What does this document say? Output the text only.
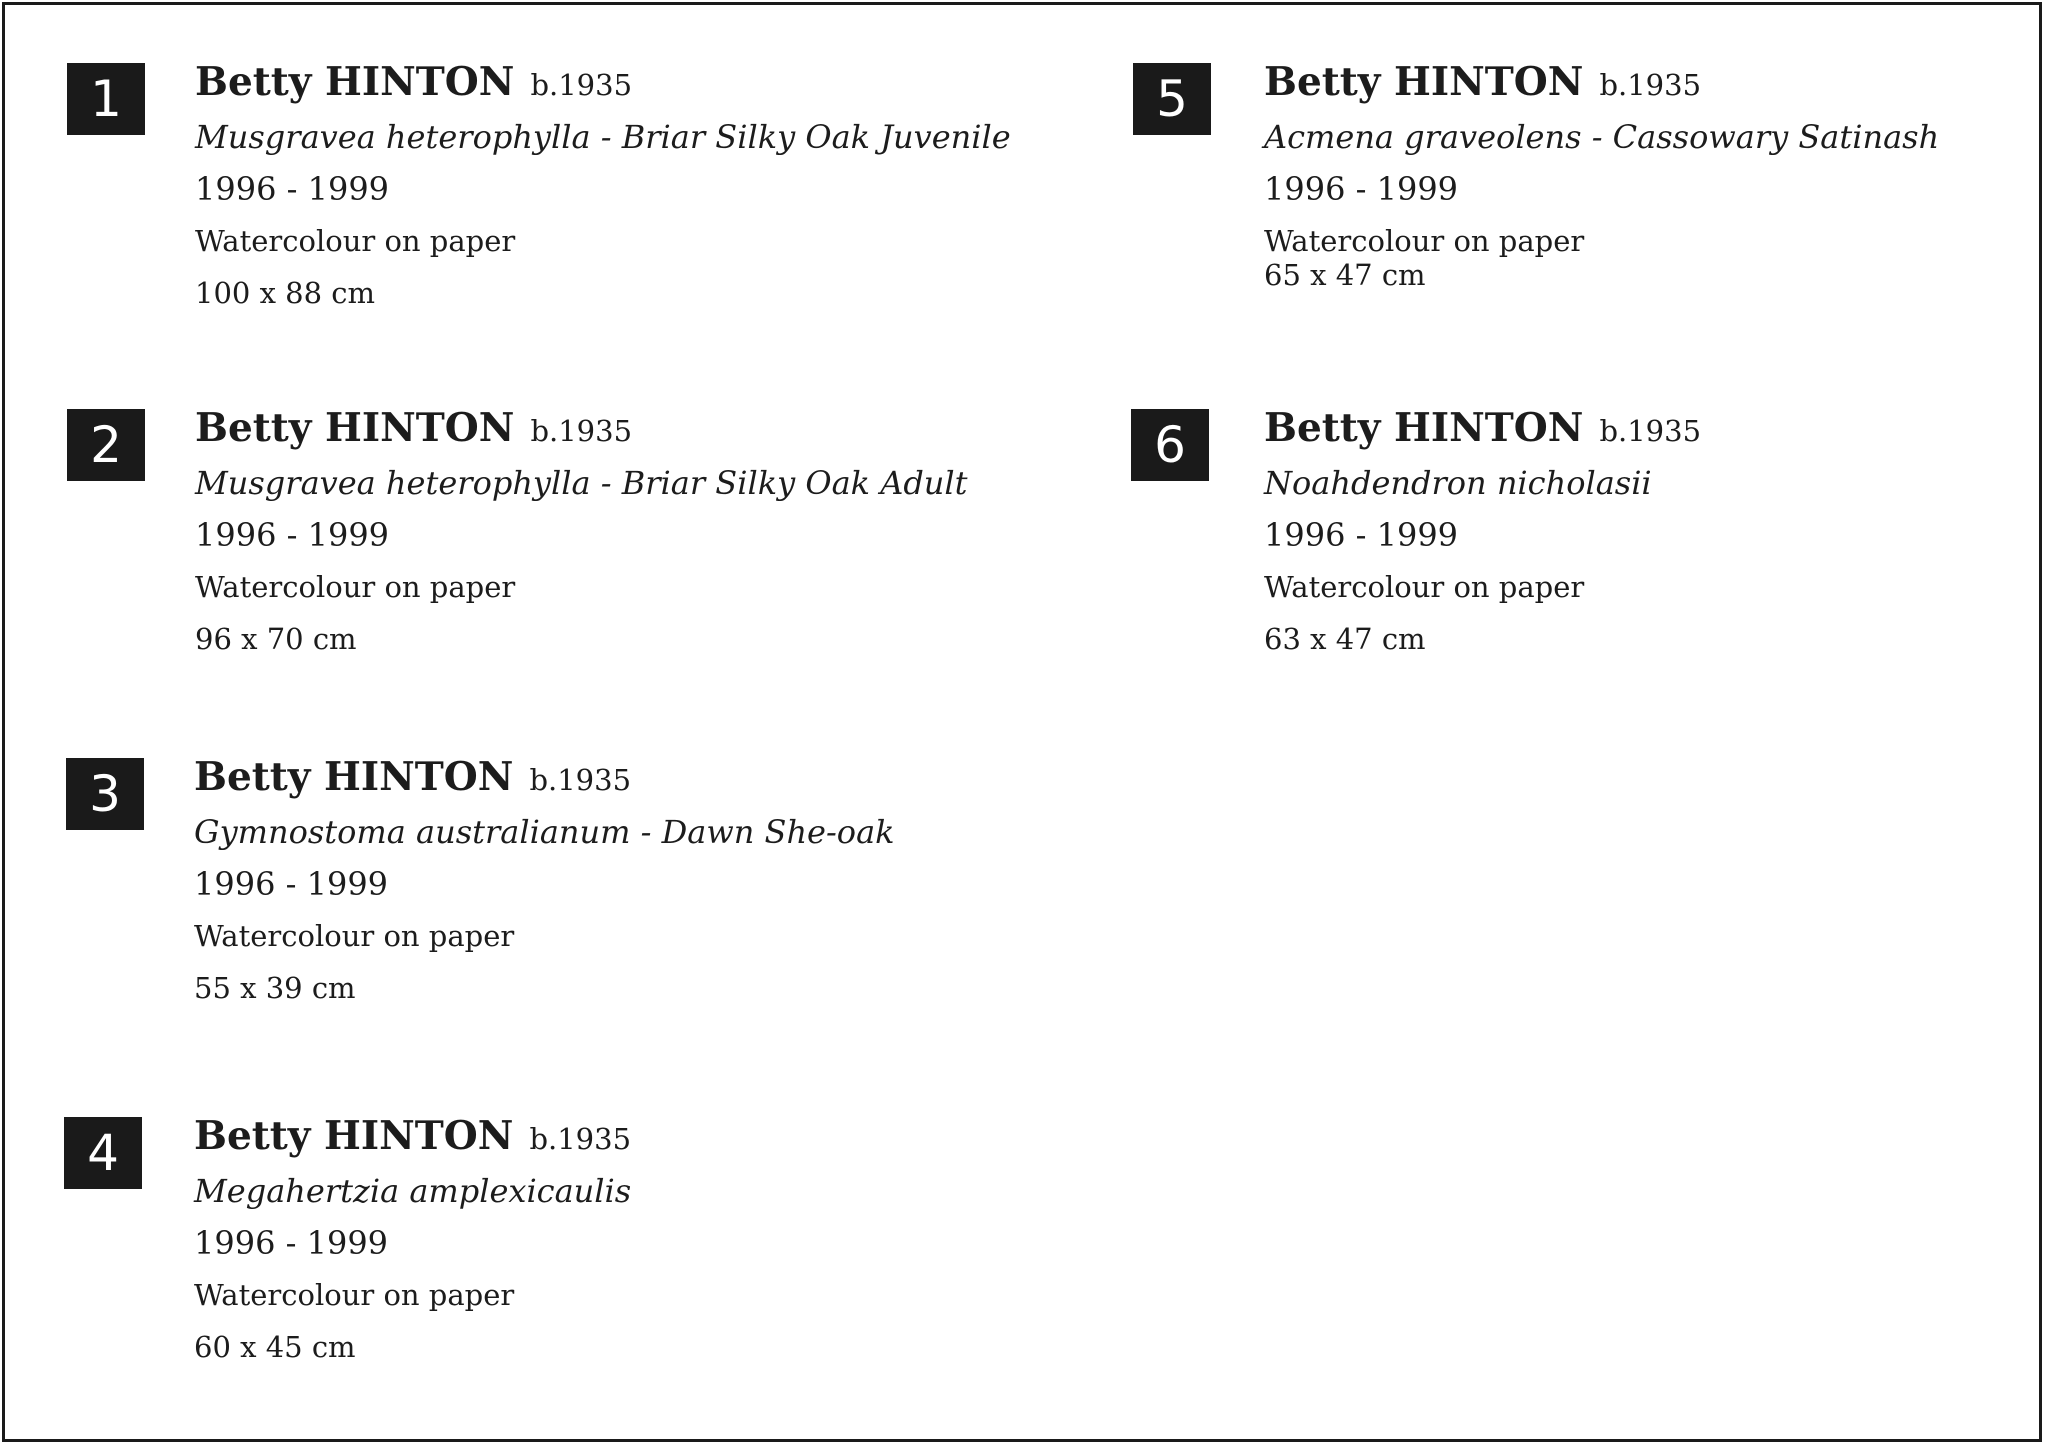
1	Betty HINTON b.1935
Musgravea heterophylla - Briar Silky Oak Juvenile
1996 - 1999
Watercolour on paper
100 x 88 cm
2	Betty HINTON b.1935
Musgravea heterophylla - Briar Silky Oak Adult
1996 - 1999
Watercolour on paper
96 x 70 cm
3	Betty HINTON b.1935
Gymnostoma australianum - Dawn She-oak
1996 - 1999
Watercolour on paper
55 x 39 cm
4	Betty HINTON b.1935
Megahertzia amplexicaulis
1996 - 1999
Watercolour on paper
60 x 45 cm
5	Betty HINTON b.1935
Acmena graveolens - Cassowary Satinash
1996 - 1999
Watercolour on paper
65 x 47 cm
6	Betty HINTON b.1935
Noahdendron nicholasii
1996 - 1999
Watercolour on paper
63 x 47 cm
